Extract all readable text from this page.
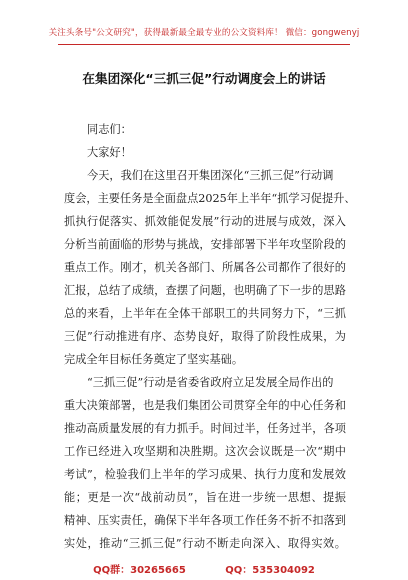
关注头条号"公文研究"，获得最新最全最专业的公文资料库！ 微信：gongwenyj
在集团深化“三抓三促”行动调度会上的讲话
同志们：
大家好！
今天，我们在这里召开集团深化“三抓三促”行动调
度会，主要任务是全面盘点2025年上半年“抓学习促提升、
抓执行促落实、抓效能促发展”行动的进展与成效，深入
分析当前面临的形势与挑战，安排部署下半年攻坚阶段的
重点工作。刚才，机关各部门、所属各公司都作了很好的
汇报，总结了成绩，查摆了问题，也明确了下一步的思路
总的来看，上半年在全体干部职工的共同努力下，“三抓
三促”行动推进有序、态势良好，取得了阶段性成果，为
完成全年目标任务奠定了坚实基础。
“三抓三促”行动是省委省政府立足发展全局作出的
重大决策部署，也是我们集团公司贯穿全年的中心任务和
推动高质量发展的有力抓手。时间过半，任务过半，各项
工作已经进入攻坚期和决胜期。这次会议既是一次“期中
考试”，检验我们上半年的学习成果、执行力度和发展效
能；更是一次“战前动员”，旨在进一步统一思想、提振
精神、压实责任，确保下半年各项工作任务不折不扣落到
实处，推动“三抓三促”行动不断走向深入、取得实效。
QQ群：30265665	QQ：535304092
